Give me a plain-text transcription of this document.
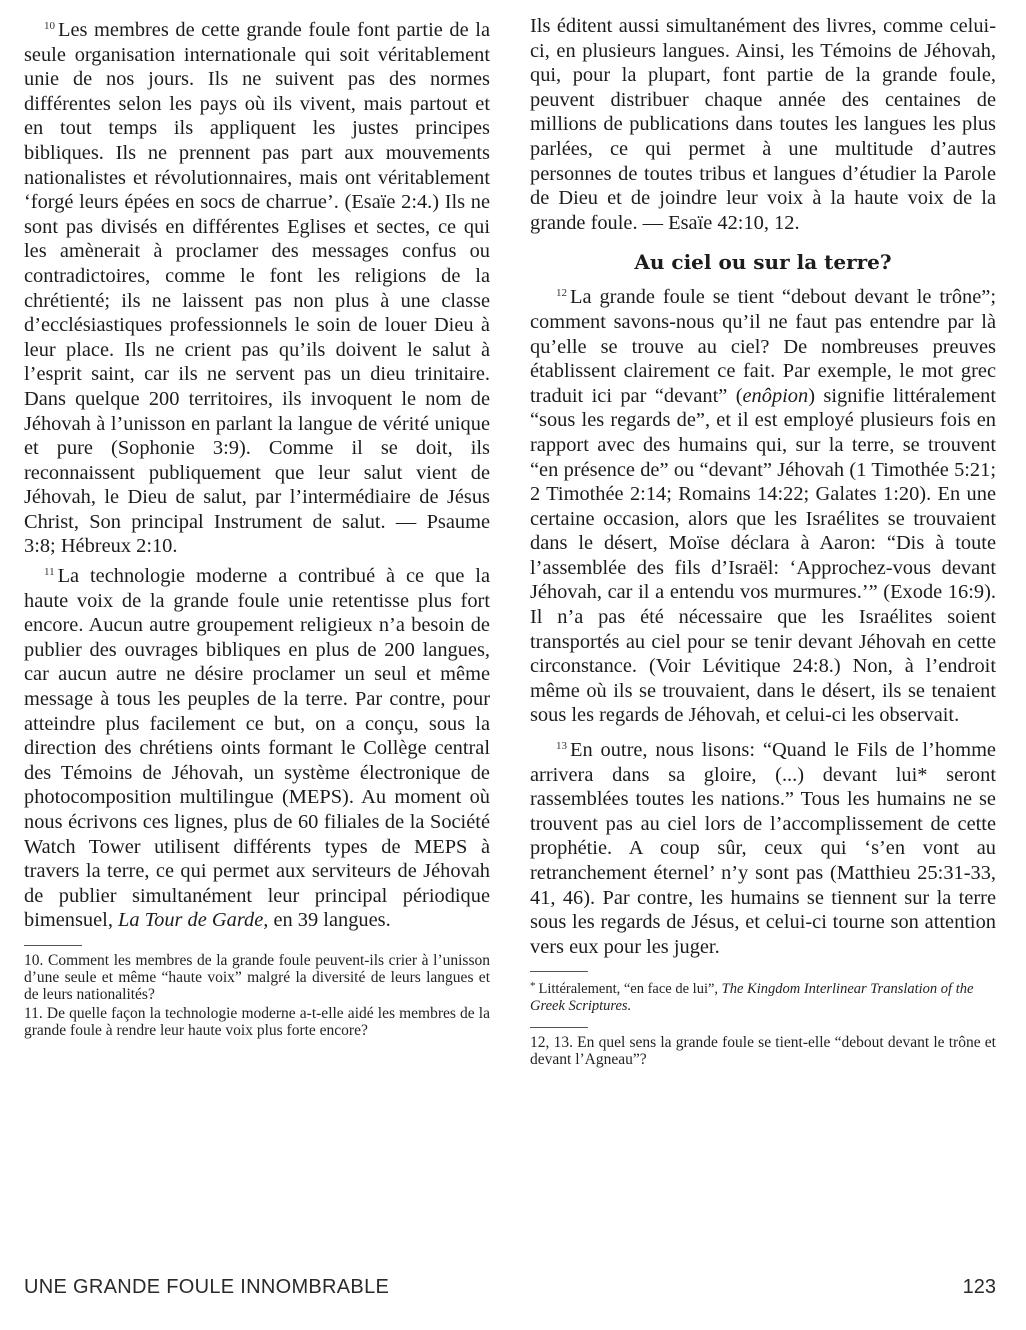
$^{10}$ Les membres de cette grande foule font partie de la seule organisation internationale qui soit véritablement unie de nos jours. Ils ne suivent pas des normes différentes selon les pays où ils vivent, mais partout et en tout temps ils appliquent les justes principes bibliques. Ils ne prennent pas part aux mouvements nationalistes et révolutionnaires, mais ont véritablement ‘forgé leurs épées en socs de charrue’. (Esaïe 2:4.) Ils ne sont pas divisés en différentes Eglises et sectes, ce qui les amènerait à proclamer des messages confus ou contradictoires, comme le font les religions de la chrétienté; ils ne laissent pas non plus à une classe d’ecclésiastiques professionnels le soin de louer Dieu à leur place. Ils ne crient pas qu’ils doivent le salut à l’esprit saint, car ils ne servent pas un dieu trinitaire. Dans quelque 200 territoires, ils invoquent le nom de Jéhovah à l’unisson en parlant la langue de vérité unique et pure (Sophonie 3:9). Comme il se doit, ils reconnaissent publiquement que leur salut vient de Jéhovah, le Dieu de salut, par l’intermédiaire de Jésus Christ, Son principal Instrument de salut. — Psaume 3:8; Hébreux 2:10.

$^{11}$ La technologie moderne a contribué à ce que la haute voix de la grande foule unie retentisse plus fort encore. Aucun autre groupement religieux n’a besoin de publier des ouvrages bibliques en plus de 200 langues, car aucun autre ne désire proclamer un seul et même message à tous les peuples de la terre. Par contre, pour atteindre plus facilement ce but, on a conçu, sous la direction des chrétiens oints formant le Collège central des Témoins de Jéhovah, un système électronique de photocomposition multilingue (MEPS). Au moment où nous écrivons ces lignes, plus de 60 filiales de la Société Watch Tower utilisent différents types de MEPS à travers la terre, ce qui permet aux serviteurs de Jéhovah de publier simultanément leur principal périodique bimensuel, La Tour de Garde, en 39 langues.

10. Comment les membres de la grande foule peuvent-ils crier à l’unisson d’une seule et même “haute voix” malgré la diversité de leurs langues et de leurs nationalités?

11. De quelle façon la technologie moderne a-t-elle aidé les membres de la grande foule à rendre leur haute voix plus forte encore?

Ils éditent aussi simultanément des livres, comme celui-ci, en plusieurs langues. Ainsi, les Témoins de Jéhovah, qui, pour la plupart, font partie de la grande foule, peuvent distribuer chaque année des centaines de millions de publications dans toutes les langues les plus parlées, ce qui permet à une multitude d’autres personnes de toutes tribus et langues d’étudier la Parole de Dieu et de joindre leur voix à la haute voix de la grande foule. — Esaïe 42:10, 12.

Au ciel ou sur la terre?

$^{12}$ La grande foule se tient “debout devant le trône”; comment savons-nous qu’il ne faut pas entendre par là qu’elle se trouve au ciel? De nombreuses preuves établissent clairement ce fait. Par exemple, le mot grec traduit ici par “devant” (enôpion) signifie littéralement “sous les regards de”, et il est employé plusieurs fois en rapport avec des humains qui, sur la terre, se trouvent “en présence de” ou “devant” Jéhovah (1 Timothée 5:21; 2 Timothée 2:14; Romains 14:22; Galates 1:20). En une certaine occasion, alors que les Israélites se trouvaient dans le désert, Moïse déclara à Aaron: “Dis à toute l’assemblée des fils d’Israël: ‘Approchez-vous devant Jéhovah, car il a entendu vos murmures.’” (Exode 16:9). Il n’a pas été nécessaire que les Israélites soient transportés au ciel pour se tenir devant Jéhovah en cette circonstance. (Voir Lévitique 24:8.) Non, à l’endroit même où ils se trouvaient, dans le désert, ils se tenaient sous les regards de Jéhovah, et celui-ci les observait.

$^{13}$ En outre, nous lisons: “Quand le Fils de l’homme arrivera dans sa gloire, (...) devant lui* seront rassemblées toutes les nations.” Tous les humains ne se trouvent pas au ciel lors de l’accomplissement de cette prophétie. A coup sûr, ceux qui ‘s’en vont au retranchement éternel’ n’y sont pas (Matthieu 25:31-33, 41, 46). Par contre, les humains se tiennent sur la terre sous les regards de Jésus, et celui-ci tourne son attention vers eux pour les juger.

* Littéralement, “en face de lui”, The Kingdom Interlinear Translation of the Greek Scriptures.

12, 13. En quel sens la grande foule se tient-elle “debout devant le trône et devant l’Agneau”?

UNE GRANDE FOULE INNOMBRABLE	123
